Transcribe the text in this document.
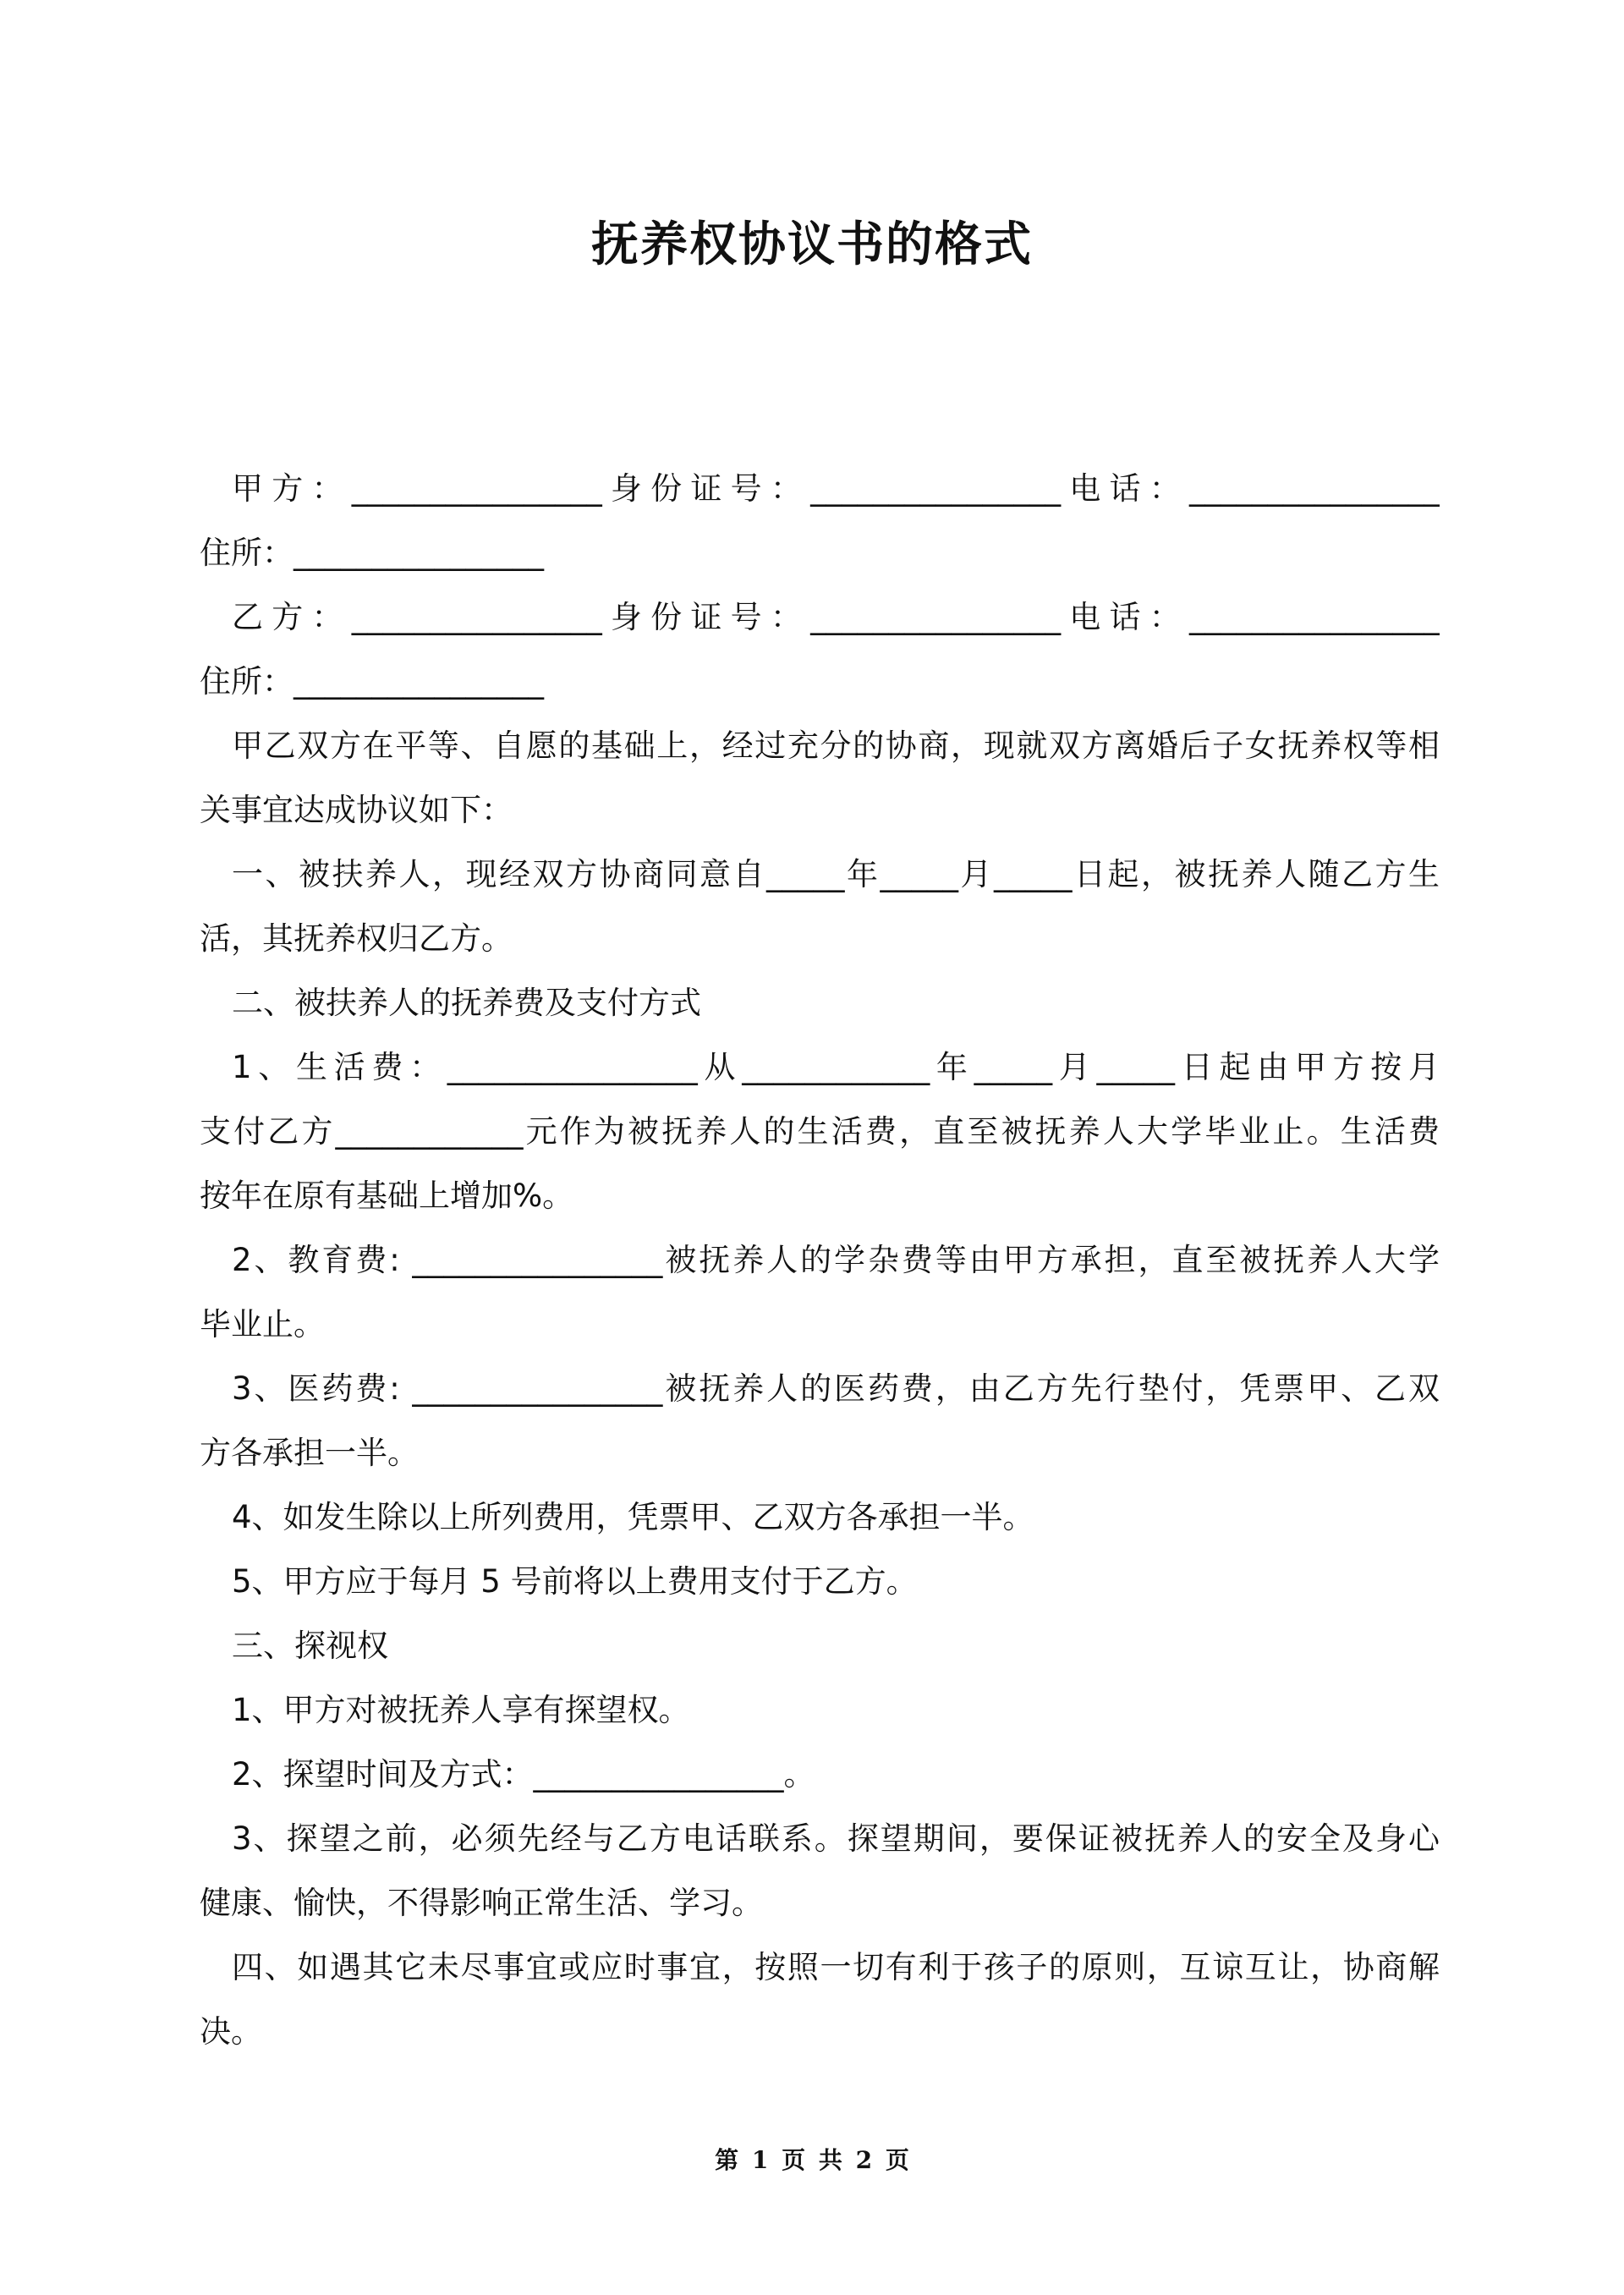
抚养权协议书的格式
甲方：________________身份证号：________________电话：________________
住所：________________
乙方：________________身份证号：________________电话：________________
住所：________________
甲乙双方在平等、自愿的基础上，经过充分的协商，现就双方离婚后子女抚养权等相
关事宜达成协议如下：
一、被扶养人，现经双方协商同意自_____年_____月_____日起，被抚养人随乙方生
活，其抚养权归乙方。
二、被扶养人的抚养费及支付方式
1、生活费：________________从____________年_____月_____日起由甲方按月
支付乙方____________元作为被抚养人的生活费，直至被抚养人大学毕业止。生活费
按年在原有基础上增加%。
2、教育费: ________________被抚养人的学杂费等由甲方承担，直至被抚养人大学
毕业止。
3、医药费: ________________被抚养人的医药费，由乙方先行垫付，凭票甲、乙双
方各承担一半。
4、如发生除以上所列费用，凭票甲、乙双方各承担一半。
5、甲方应于每月 5 号前将以上费用支付于乙方。
三、探视权
1、甲方对被抚养人享有探望权。
2、探望时间及方式：________________。
3、探望之前，必须先经与乙方电话联系。探望期间，要保证被抚养人的安全及身心
健康、愉快，不得影响正常生活、学习。
四、如遇其它未尽事宜或应时事宜，按照一切有利于孩子的原则，互谅互让，协商解
决。
第 1 页 共 2 页
